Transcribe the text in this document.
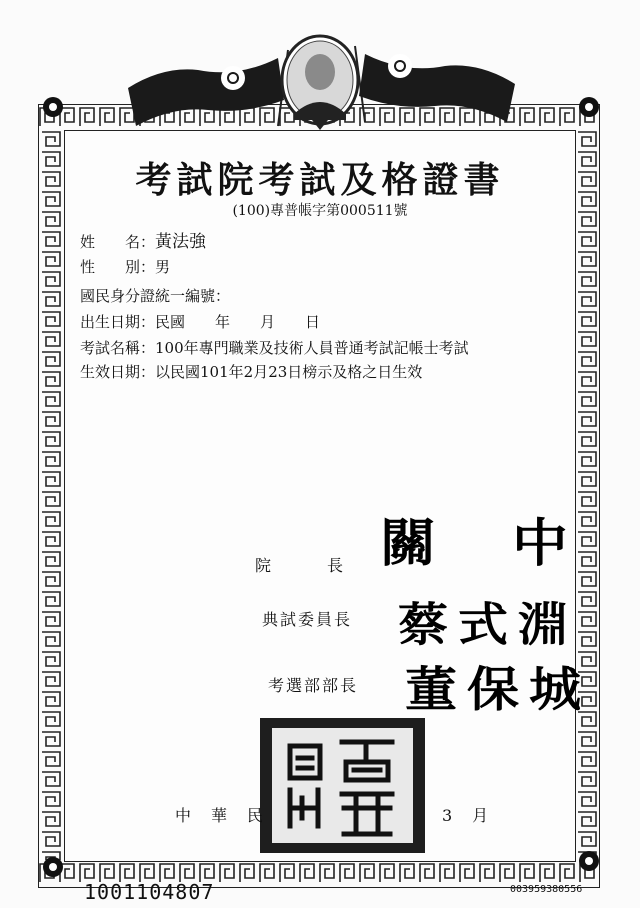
考試院考試及格證書
(100)專普帳字第000511號
姓　　名：黃法強
性　　別：男
國民身分證統一編號：
出生日期：民國　　年　　月　　日
考試名稱：100年專門職業及技術人員普通考試記帳士考試
生效日期：以民國101年2月23日榜示及格之日生效
院　　　長 關　中
典試委員長 蔡式淵
考選部部長 董保城
中　華　民	3　月
1001104807	003959380556
